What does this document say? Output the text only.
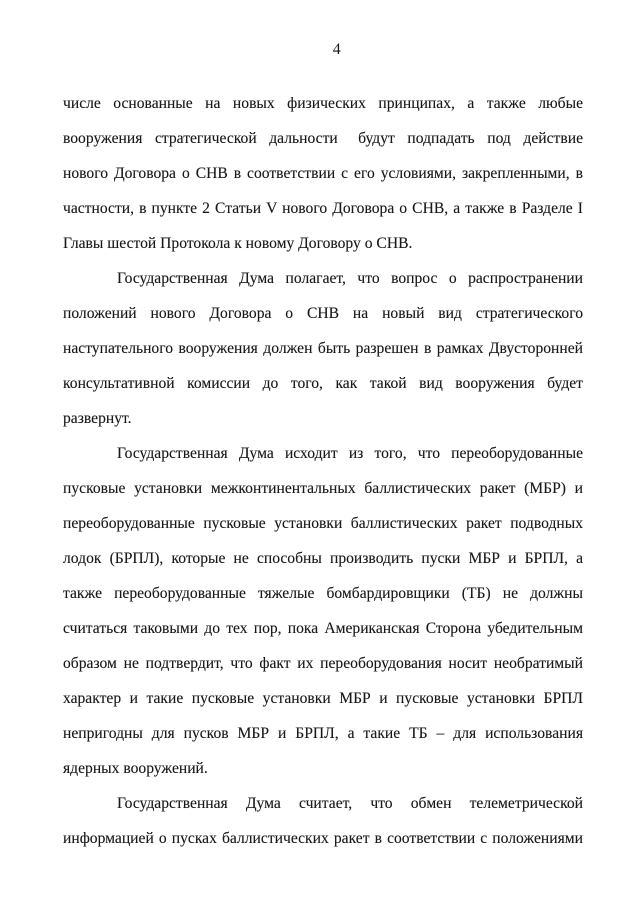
4
числе основанные на новых физических принципах, а также любые
вооружения стратегической дальности  будут подпадать под действие
нового Договора о СНВ в соответствии с его условиями, закрепленными, в
частности, в пункте 2 Статьи V нового Договора о СНВ, а также в Разделе I
Главы шестой Протокола к новому Договору о СНВ.
Государственная Дума полагает, что вопрос о распространении
положений нового Договора о СНВ на новый вид стратегического
наступательного вооружения должен быть разрешен в рамках Двусторонней
консультативной комиссии до того, как такой вид вооружения будет
развернут.
Государственная Дума исходит из того, что переоборудованные
пусковые установки межконтинентальных баллистических ракет (МБР) и
переоборудованные пусковые установки баллистических ракет подводных
лодок (БРПЛ), которые не способны производить пуски МБР и БРПЛ, а
также переоборудованные тяжелые бомбардировщики (ТБ) не должны
считаться таковыми до тех пор, пока Американская Сторона убедительным
образом не подтвердит, что факт их переоборудования носит необратимый
характер и такие пусковые установки МБР и пусковые установки БРПЛ
непригодны для пусков МБР и БРПЛ, а такие ТБ – для использования
ядерных вооружений.
Государственная Дума считает, что обмен телеметрической
информацией о пусках баллистических ракет в соответствии с положениями
